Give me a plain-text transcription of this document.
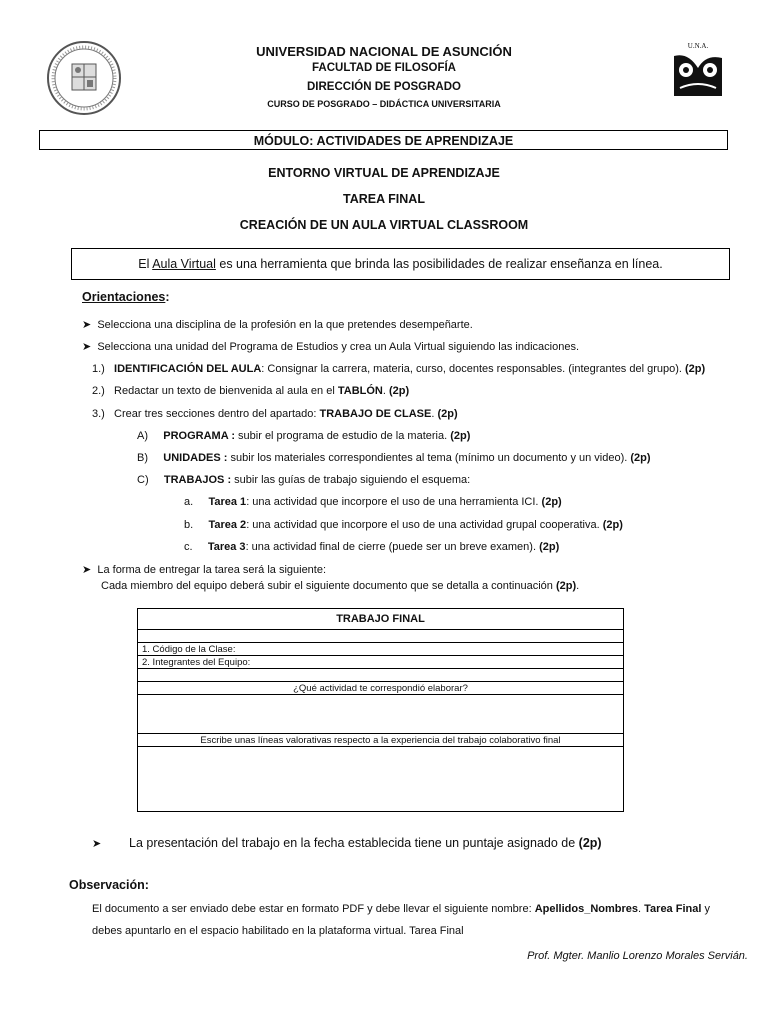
UNIVERSIDAD NACIONAL DE ASUNCIÓN
FACULTAD DE FILOSOFÍA
DIRECCIÓN DE POSGRADO
CURSO DE POSGRADO – DIDÁCTICA UNIVERSITARIA
U.N.A.
MÓDULO: ACTIVIDADES DE APRENDIZAJE
ENTORNO VIRTUAL DE APRENDIZAJE
TAREA FINAL
CREACIÓN DE UN AULA VIRTUAL CLASSROOM
El Aula Virtual es una herramienta que brinda las posibilidades de realizar enseñanza en línea.
Orientaciones:
➤ Selecciona una disciplina de la profesión en la que pretendes desempeñarte.
➤ Selecciona una unidad del Programa de Estudios y crea un Aula Virtual siguiendo las indicaciones.
1.) IDENTIFICACIÓN DEL AULA: Consignar la carrera, materia, curso, docentes responsables. (integrantes del grupo). (2p)
2.) Redactar un texto de bienvenida al aula en el TABLÓN. (2p)
3.) Crear tres secciones dentro del apartado: TRABAJO DE CLASE. (2p)
A) PROGRAMA : subir el programa de estudio de la materia. (2p)
B) UNIDADES : subir los materiales correspondientes al tema (mínimo un documento y un video). (2p)
C) TRABAJOS : subir las guías de trabajo siguiendo el esquema:
a. Tarea 1: una actividad que incorpore el uso de una herramienta ICI. (2p)
b. Tarea 2: una actividad que incorpore el uso de una actividad grupal cooperativa. (2p)
c. Tarea 3: una actividad final de cierre (puede ser un breve examen). (2p)
➤ La forma de entregar la tarea será la siguiente:
Cada miembro del equipo deberá subir el siguiente documento que se detalla a continuación (2p).
TRABAJO FINAL

1. Código de la Clase:
2. Integrantes del Equipo:

¿Qué actividad te correspondió elaborar?

Escribe unas líneas valorativas respecto a la experiencia del trabajo colaborativo final

➤ La presentación del trabajo en la fecha establecida tiene un puntaje asignado de (2p)
Observación:
El documento a ser enviado debe estar en formato PDF y debe llevar el siguiente nombre: Apellidos_Nombres. Tarea Final y
debes apuntarlo en el espacio habilitado en la plataforma virtual. Tarea Final
Prof. Mgter. Manlio Lorenzo Morales Servián.
